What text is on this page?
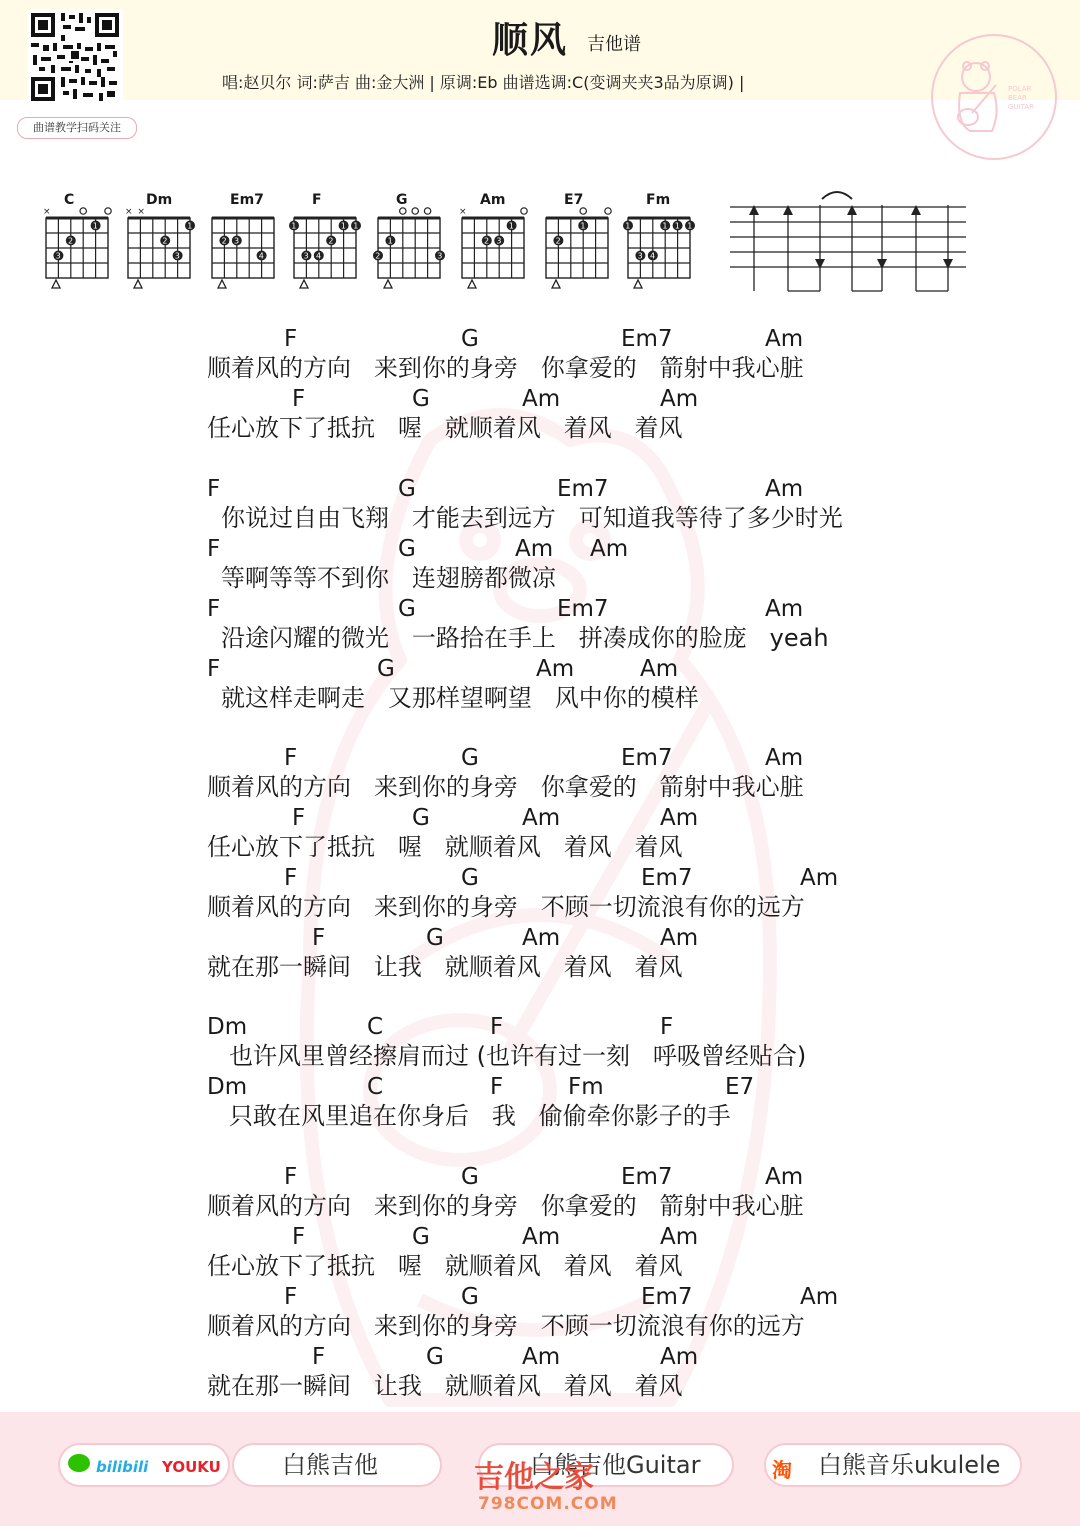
曲谱教学扫码关注
顺风 吉他谱
唱:赵贝尔 词:萨吉 曲:金大洲 | 原调:Eb 曲谱选调:C(变调夹夹3品为原调) |	POLAR
BEAR
GUITAR
C
×
3
2
1
Dm
× ×
2
3
1
Em7
2 3
4
F
1
3 4
2
1 1
G
2
1
3
Am
×
2 3
1
E7
2
1
Fm
1
3 4
1 1 1
F	G	Em7	Am
顺着风的方向   来到你的身旁   你拿爱的   箭射中我心脏
F	G	Am	Am
任心放下了抵抗   喔   就顺着风   着风   着风
F	G	Em7	Am
你说过自由飞翔   才能去到远方   可知道我等待了多少时光
F	G	Am Am
等啊等等不到你   连翅膀都微凉
F	G	Em7	Am
沿途闪耀的微光   一路拾在手上   拼凑成你的脸庞   yeah
F	G	Am	Am
就这样走啊走   又那样望啊望   风中你的模样
F	G	Em7	Am
顺着风的方向   来到你的身旁   你拿爱的   箭射中我心脏
F	G	Am	Am
任心放下了抵抗   喔   就顺着风   着风   着风
F	G	Em7	Am
顺着风的方向   来到你的身旁   不顾一切流浪有你的远方
F	G	Am	Am
就在那一瞬间   让我   就顺着风   着风   着风
Dm	C	F	F
也许风里曾经擦肩而过 (也许有过一刻   呼吸曾经贴合)
Dm	C	F	Fm	E7
只敢在风里追在你身后   我   偷偷牵你影子的手
F	G	Em7	Am
顺着风的方向   来到你的身旁   你拿爱的   箭射中我心脏
F	G	Am	Am
任心放下了抵抗   喔   就顺着风   着风   着风
F	G	Em7	Am
顺着风的方向   来到你的身旁   不顾一切流浪有你的远方
F	G	Am	Am
就在那一瞬间   让我   就顺着风   着风   着风
bilibili YOUKU	白熊吉他	白熊吉他Guitar
吉他之家
798COM.COM
淘 白熊音乐ukulele
